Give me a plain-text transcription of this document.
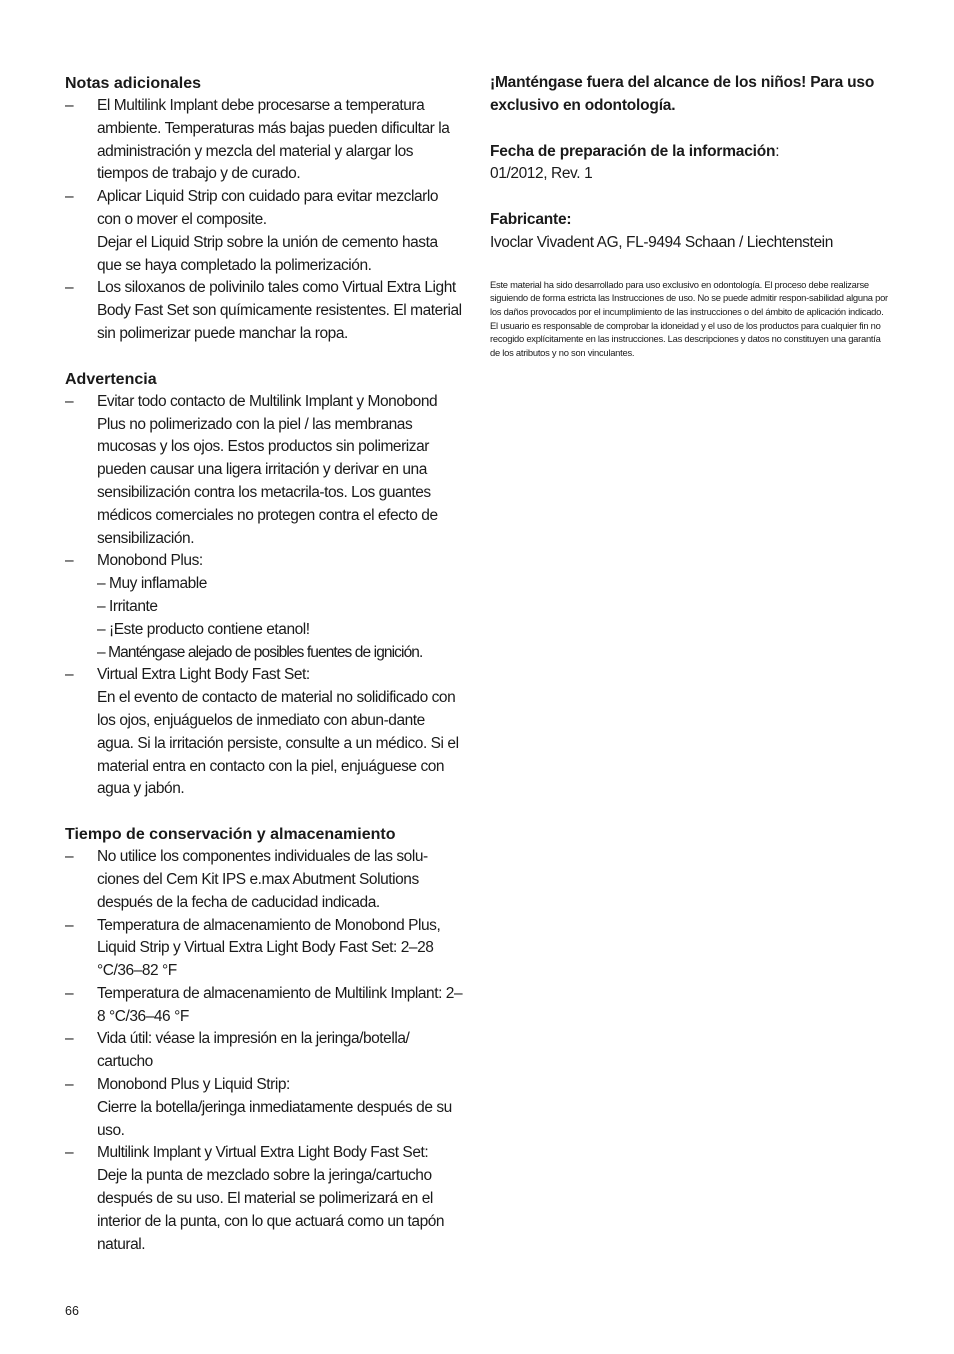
Notas adicionales
– El Multilink Implant debe procesarse a temperatura ambiente. Temperaturas más bajas pueden dificultar la administración y mezcla del material y alargar los tiempos de trabajo y de curado.
– Aplicar Liquid Strip con cuidado para evitar mezclarlo con o mover el composite.
Dejar el Liquid Strip sobre la unión de cemento hasta que se haya completado la polimerización.
– Los siloxanos de polivinilo tales como Virtual Extra Light Body Fast Set son químicamente resistentes. El material sin polimerizar puede manchar la ropa.
Advertencia
– Evitar todo contacto de Multilink Implant y Monobond Plus no polimerizado con la piel / las membranas mucosas y los ojos. Estos productos sin polimerizar pueden causar una ligera irritación y derivar en una sensibilización contra los metacrila-tos. Los guantes médicos comerciales no protegen contra el efecto de sensibilización.
– Monobond Plus:
– Muy inflamable
– Irritante
– ¡Este producto contiene etanol!
– Manténgase alejado de posibles fuentes de ignición.
– Virtual Extra Light Body Fast Set:
En el evento de contacto de material no solidificado con los ojos, enjuáguelos de inmediato con abun-dante agua. Si la irritación persiste, consulte a un médico. Si el material entra en contacto con la piel, enjuáguese con agua y jabón.
Tiempo de conservación y almacenamiento
– No utilice los componentes individuales de las solu-ciones del Cem Kit IPS e.max Abutment Solutions después de la fecha de caducidad indicada.
– Temperatura de almacenamiento de Monobond Plus, Liquid Strip y Virtual Extra Light Body Fast Set: 2–28 °C/36–82 °F
– Temperatura de almacenamiento de Multilink Implant: 2–8 °C/36–46 °F
– Vida útil: véase la impresión en la jeringa/botella/ cartucho
– Monobond Plus y Liquid Strip:
Cierre la botella/jeringa inmediatamente después de su uso.
– Multilink Implant y Virtual Extra Light Body Fast Set:
Deje la punta de mezclado sobre la jeringa/cartucho después de su uso. El material se polimerizará en el interior de la punta, con lo que actuará como un tapón natural.
¡Manténgase fuera del alcance de los niños! Para uso exclusivo en odontología.
Fecha de preparación de la información:
01/2012, Rev. 1
Fabricante:
Ivoclar Vivadent AG, FL-9494 Schaan / Liechtenstein
Este material ha sido desarrollado para uso exclusivo en odontología. El proceso debe realizarse siguiendo de forma estricta las Instrucciones de uso. No se puede admitir respon-sabilidad alguna por los daños provocados por el incumplimiento de las instrucciones o del ámbito de aplicación indicado. El usuario es responsable de comprobar la idoneidad y el uso de los productos para cualquier fin no recogido explícitamente en las instrucciones. Las descripciones y datos no constituyen una garantía de los atributos y no son vinculantes.
66
